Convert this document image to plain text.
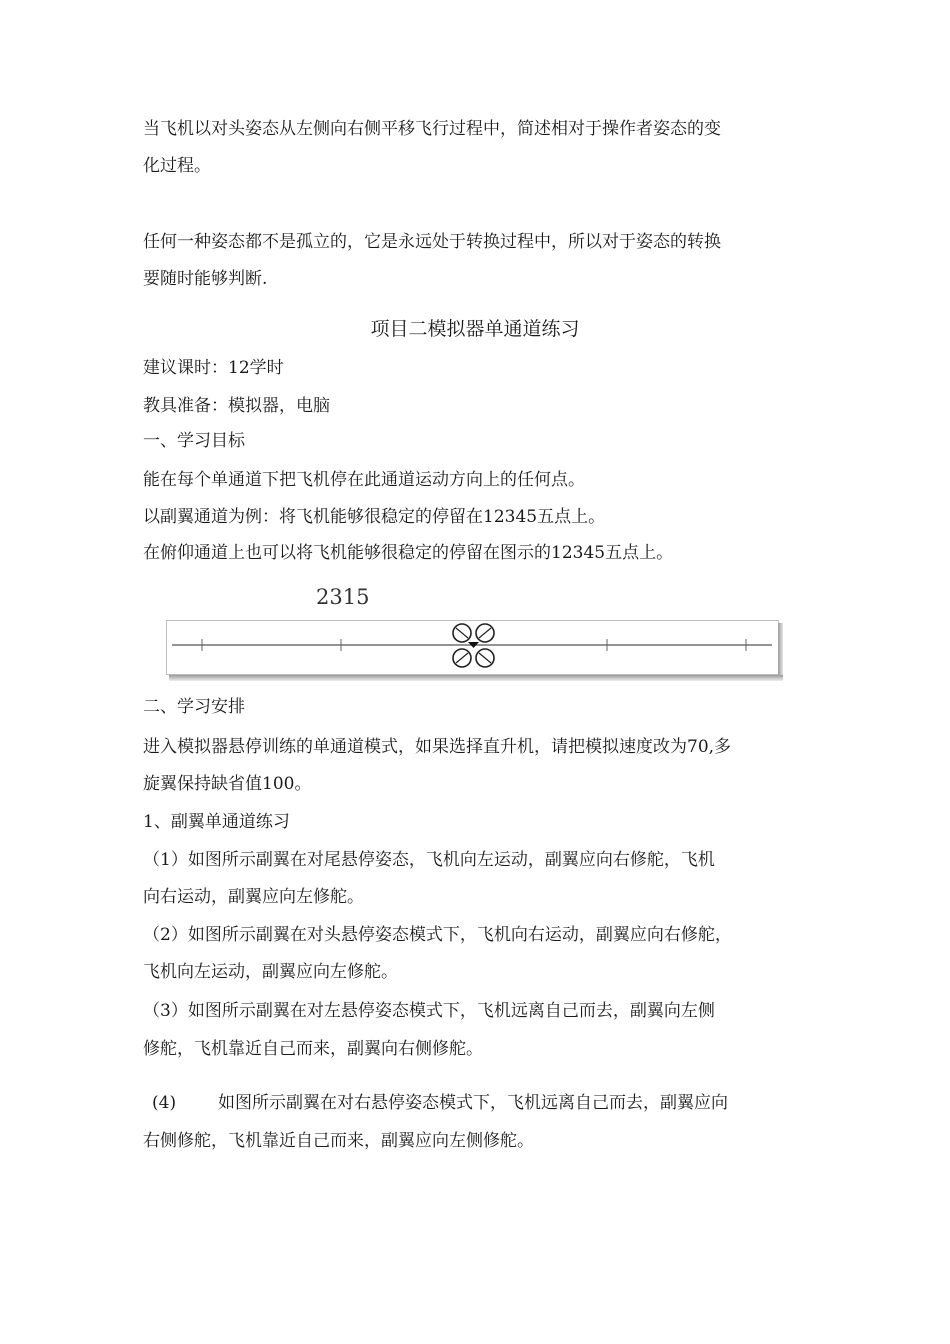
当飞机以对头姿态从左侧向右侧平移飞行过程中，简述相对于操作者姿态的变
化过程。
任何一种姿态都不是孤立的，它是永远处于转换过程中，所以对于姿态的转换
要随时能够判断.
项目二模拟器单通道练习
建议课时：12学时
教具准备：模拟器，电脑
一、学习目标
能在每个单通道下把飞机停在此通道运动方向上的任何点。
以副翼通道为例：将飞机能够很稳定的停留在12345五点上。
在俯仰通道上也可以将飞机能够很稳定的停留在图示的12345五点上。
2315
二、学习安排
进入模拟器悬停训练的单通道模式，如果选择直升机，请把模拟速度改为70,多
旋翼保持缺省值100。
1、副翼单通道练习
（1）如图所示副翼在对尾悬停姿态，飞机向左运动，副翼应向右修舵，飞机
向右运动，副翼应向左修舵。
（2）如图所示副翼在对头悬停姿态模式下，飞机向右运动，副翼应向右修舵，
飞机向左运动，副翼应向左修舵。
（3）如图所示副翼在对左悬停姿态模式下，飞机远离自己而去，副翼向左侧
修舵，飞机靠近自己而来，副翼向右侧修舵。
(4) 如图所示副翼在对右悬停姿态模式下，飞机远离自己而去，副翼应向
右侧修舵，飞机靠近自己而来，副翼应向左侧修舵。
